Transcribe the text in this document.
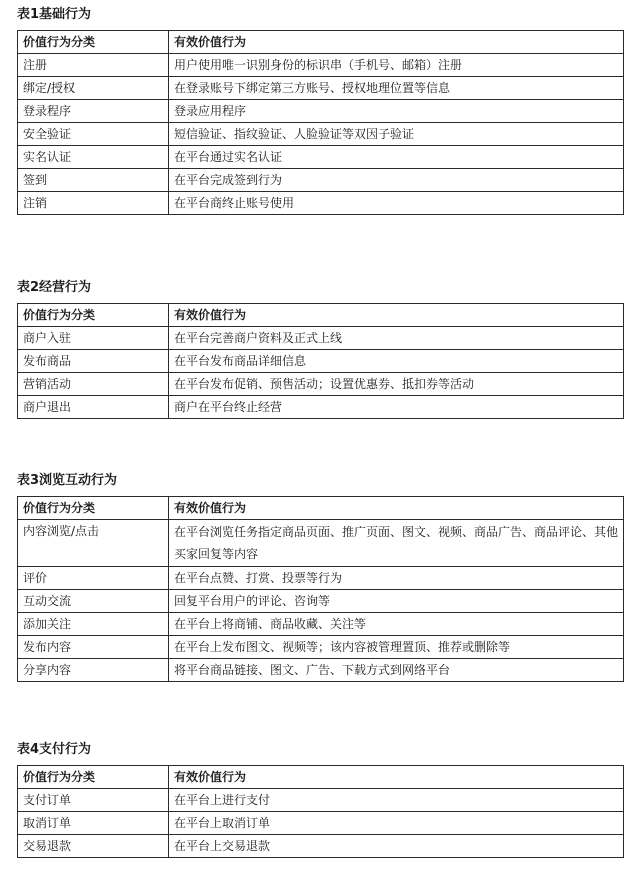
表1基础行为
价值行为分类	有效价值行为
注册	用户使用唯一识别身份的标识串（手机号、邮箱）注册
绑定/授权	在登录账号下绑定第三方账号、授权地理位置等信息
登录程序	登录应用程序
安全验证	短信验证、指纹验证、人脸验证等双因子验证
实名认证	在平台通过实名认证
签到	在平台完成签到行为
注销	在平台商终止账号使用
表2经营行为
价值行为分类	有效价值行为
商户入驻	在平台完善商户资料及正式上线
发布商品	在平台发布商品详细信息
营销活动	在平台发布促销、预售活动；设置优惠券、抵扣券等活动
商户退出	商户在平台终止经营
表3浏览互动行为
价值行为分类	有效价值行为
内容浏览/点击	在平台浏览任务指定商品页面、推广页面、图文、视频、商品广告、商品评论、其他买家回复等内容
评价	在平台点赞、打赏、投票等行为
互动交流	回复平台用户的评论、咨询等
添加关注	在平台上将商铺、商品收藏、关注等
发布内容	在平台上发布图文、视频等；该内容被管理置顶、推荐或删除等
分享内容	将平台商品链接、图文、广告、下载方式到网络平台
表4支付行为
价值行为分类	有效价值行为
支付订单	在平台上进行支付
取消订单	在平台上取消订单
交易退款	在平台上交易退款
